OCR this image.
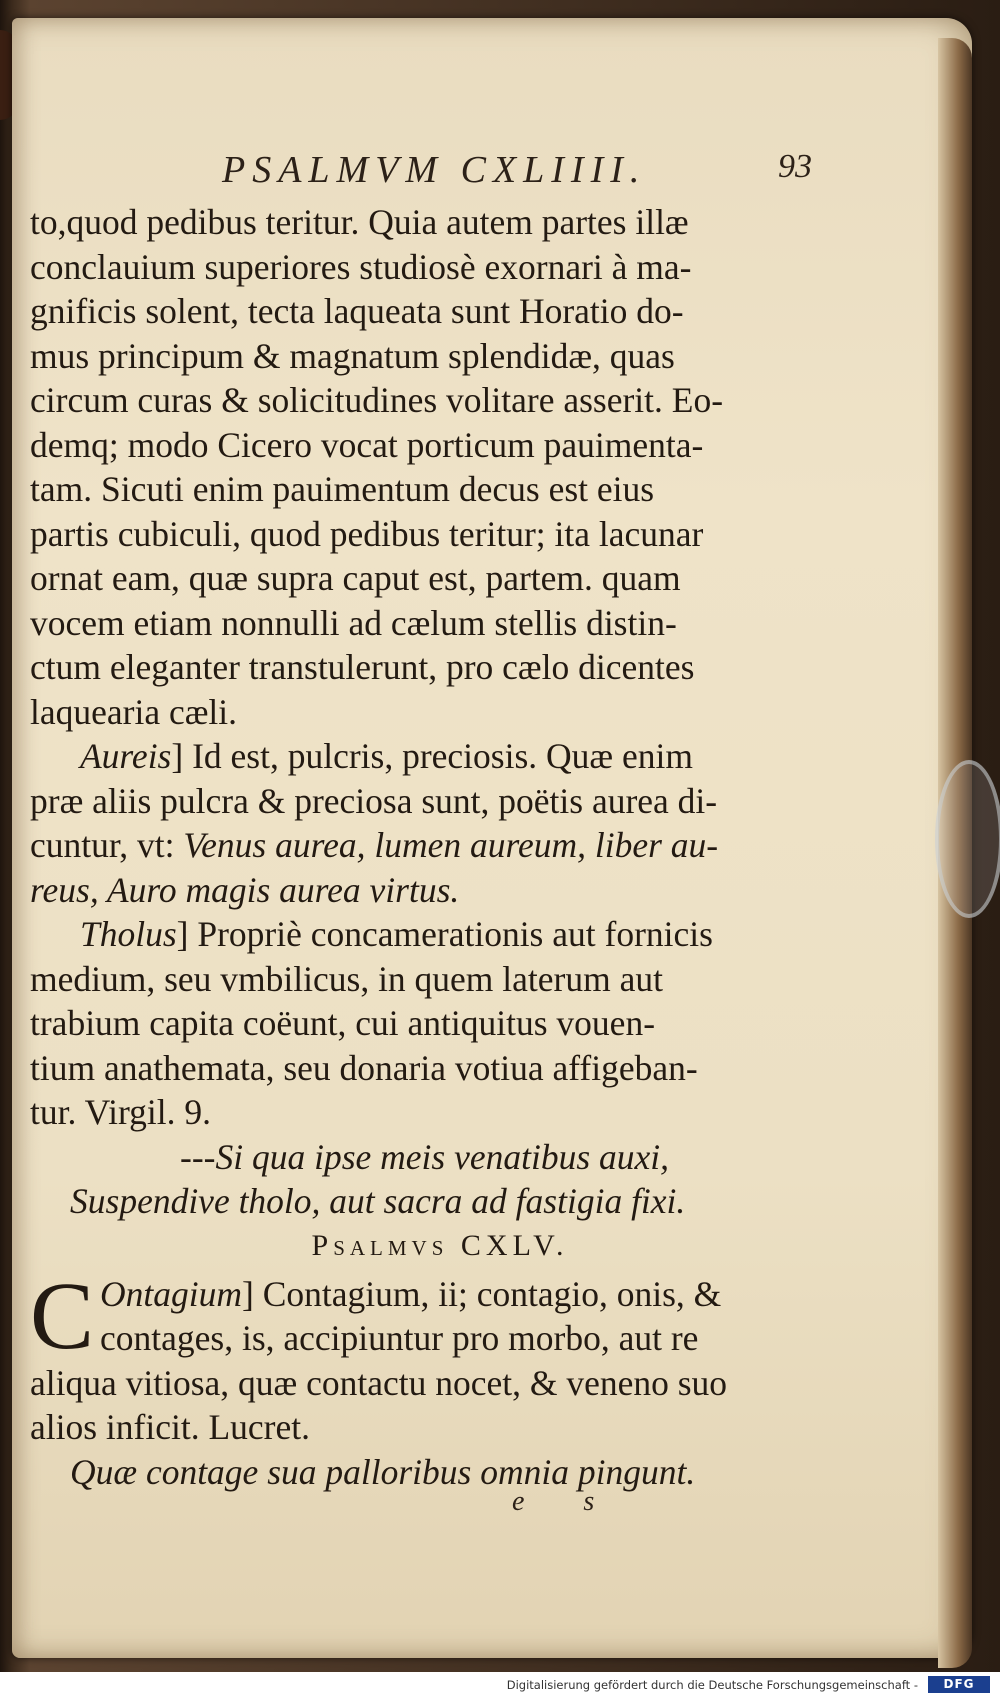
PSALMVM CXLIIII.	93
to,quod pedibus teritur. Quia autem partes illæ
conclauium superiores studiosè exornari à ma-
gnificis solent, tecta laqueata sunt Horatio do-
mus principum & magnatum splendidæ, quas
circum curas & solicitudines volitare asserit. Eo-
demq; modo Cicero vocat porticum pauimenta-
tam. Sicuti enim pauimentum decus est eius
partis cubiculi, quod pedibus teritur; ita lacunar
ornat eam, quæ supra caput est, partem. quam
vocem etiam nonnulli ad cælum stellis distin-
ctum eleganter transtulerunt, pro cælo dicentes
laquearia cæli.
Aureis] Id est, pulcris, preciosis. Quæ enim
præ aliis pulcra & preciosa sunt, poëtis aurea di-
cuntur, vt: Venus aurea, lumen aureum, liber au-
reus, Auro magis aurea virtus.
Tholus] Propriè concamerationis aut fornicis
medium, seu vmbilicus, in quem laterum aut
trabium capita coëunt, cui antiquitus vouen-
tium anathemata, seu donaria votiua affigeban-
tur. Virgil. 9.
---Si qua ipse meis venatibus auxi,
Suspendive tholo, aut sacra ad fastigia fixi.
Psalmvs CXLV.
C Ontagium] Contagium, ii; contagio, onis, &
contages, is, accipiuntur pro morbo, aut re
aliqua vitiosa, quæ contactu nocet, & veneno suo
alios inficit. Lucret.
Quæ contage sua palloribus omnia pingunt.
e s
Digitalisierung gefördert durch die Deutsche Forschungsgemeinschaft -	DFG
